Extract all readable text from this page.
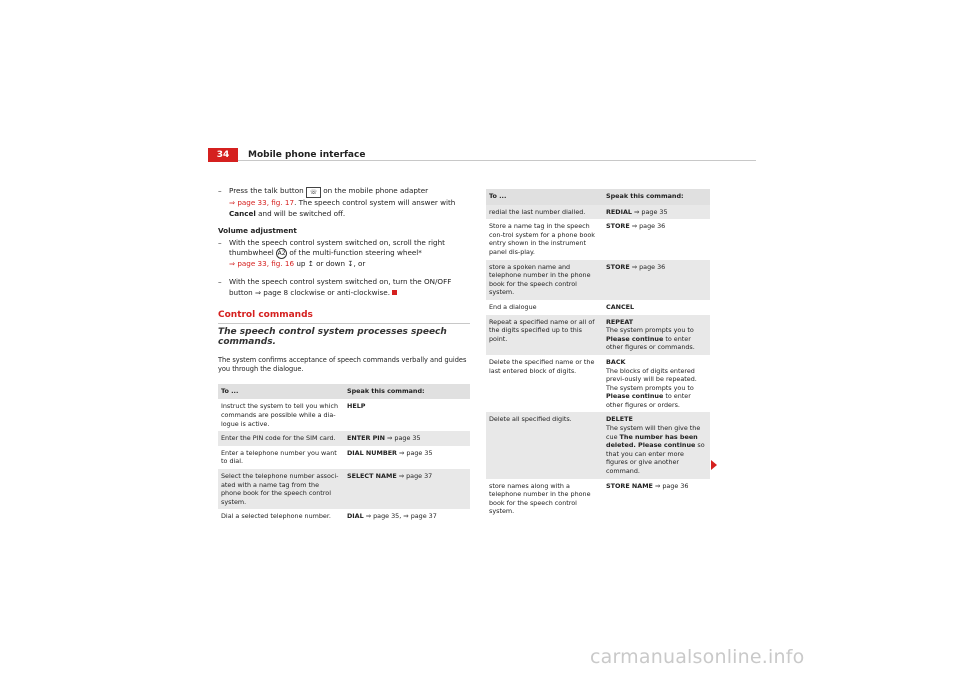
34	Mobile phone interface

– Press the talk button ☏ on the mobile phone adapter
⇒ page 33, fig. 17. The speech control system will answer with Cancel and will be switched off.

Volume adjustment

– With the speech control system switched on, scroll the right thumbwheel A2 of the multi-function steering wheel*
⇒ page 33, fig. 16 up ↥ or down ↧, or

– With the speech control system switched on, turn the ON/OFF button ⇒ page 8 clockwise or anti-clockwise.

Control commands

The speech control system processes speech commands.

The system confirms acceptance of speech commands verbally and guides you through the dialogue.

To ...	Speak this command:
Instruct the system to tell you which commands are possible while a dia-logue is active.	HELP
Enter the PIN code for the SIM card.	ENTER PIN ⇒ page 35
Enter a telephone number you want to dial.	DIAL NUMBER ⇒ page 35
Select the telephone number associ-ated with a name tag from the phone book for the speech control system.	SELECT NAME ⇒ page 37
Dial a selected telephone number.	DIAL ⇒ page 35, ⇒ page 37
To ...	Speak this command:
redial the last number dialled.	REDIAL ⇒ page 35
Store a name tag in the speech con-trol system for a phone book entry shown in the instrument panel dis-play.	STORE ⇒ page 36
store a spoken name and telephone number in the phone book for the speech control system.	STORE ⇒ page 36
End a dialogue	CANCEL
Repeat a specified name or all of the digits specified up to this point.	REPEAT
The system prompts you to Please continue to enter other figures or commands.
Delete the specified name or the last entered block of digits.	BACK
The blocks of digits entered previ-ously will be repeated. The system prompts you to Please continue to enter other figures or orders.
Delete all specified digits.	DELETE
The system will then give the cue The number has been deleted. Please continue so that you can enter more figures or give another command.
store names along with a telephone number in the phone book for the speech control system.	STORE NAME ⇒ page 36
carmanualsonline.info
